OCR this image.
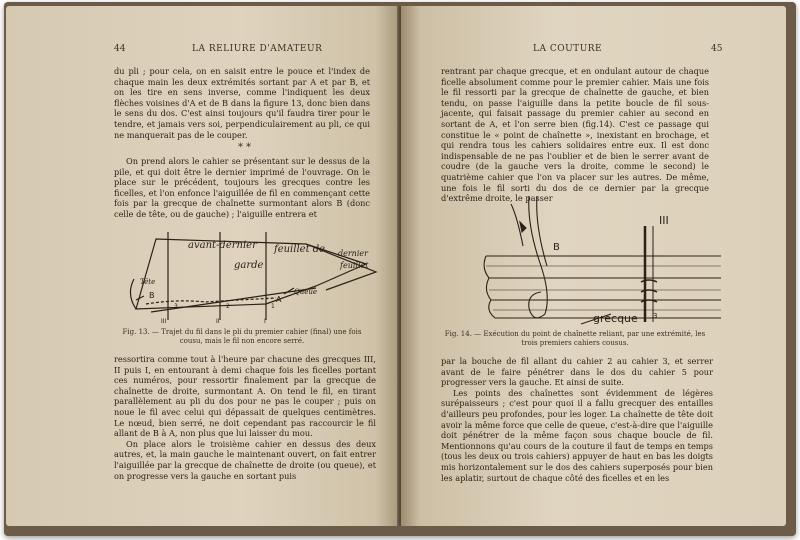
44	LA RELIURE D'AMATEUR

du pli ; pour cela, on en saisit entre le pouce et l'index de chaque main les deux extrémités sortant par A et par B, et on les tire en sens inverse, comme l'indiquent les deux flèches voisines d'A et de B dans la figure 13, donc bien dans le sens du dos. C'est ainsi toujours qu'il faudra tirer pour le tendre, et jamais vers soi, perpendiculairement au pli, ce qui ne manquerait pas de le couper.

* *

On prend alors le cahier se présentant sur le dessus de la pile, et qui doit être le dernier imprimé de l'ouvrage. On le place sur le précédent, toujours les grecques contre les ficelles, et l'on enfonce l'aiguillée de fil en commençant cette fois par la grecque de chaînette surmontant alors B (donc celle de tête, ou de gauche) ; l'aiguille entrera et

avant-dernier feuillet de
garde
dernier
feuillet
Queue
Tête
B	A
3	2	1
III	II	I
Fig. 13. — Trajet du fil dans le pli du premier cahier (final) une fois cousu, mais le fil non encore serré.

ressortira comme tout à l'heure par chacune des grecques III, II puis I, en entourant à demi chaque fois les ficelles portant ces numéros, pour ressortir finalement par la grecque de chaînette de droite, surmontant A. On tend le fil, en tirant parallèlement au pli du dos pour ne pas le couper ; puis on noue le fil avec celui qui dépassait de quelques centimètres. Le nœud, bien serré, ne doit cependant pas raccourcir le fil allant de B à A, non plus que lui laisser du mou.

On place alors le troisième cahier en dessus des deux autres, et, la main gauche le maintenant ouvert, on fait entrer l'aiguillée par la grecque de chaînette de droite (ou queue), et on progresse vers la gauche en sortant puis

LA COUTURE	45

rentrant par chaque grecque, et en ondulant autour de chaque ficelle absolument comme pour le premier cahier. Mais une fois le fil ressorti par la grecque de chaînette de gauche, et bien tendu, on passe l'aiguille dans la petite boucle de fil sous-jacente, qui faisait passage du premier cahier au second en sortant de A, et l'on serre bien (fig.14). C'est ce passage qui constitue le « point de chaînette », inexistant en brochage, et qui rendra tous les cahiers solidaires entre eux. Il est donc indispensable de ne pas l'oublier et de bien le serrer avant de coudre (de la gauche vers la droite, comme le second) le quatrième cahier que l'on va placer sur les autres. De même, une fois le fil sorti du dos de ce dernier par la grecque d'extrême droite, le passer

B
III
3
grecque
Fig. 14. — Exécution du point de chaînette reliant, par une extrémité, les trois premiers cahiers cousus.

par la bouche de fil allant du cahier 2 au cahier 3, et serrer avant de le faire pénétrer dans le dos du cahier 5 pour progresser vers la gauche. Et ainsi de suite.

Les points des chaînettes sont évidemment de légères surépaisseurs ; c'est pour quoi il a fallu grecquer des entailles d'ailleurs peu profondes, pour les loger. La chaînette de tête doit avoir la même force que celle de queue, c'est-à-dire que l'aiguille doit pénétrer de la même façon sous chaque boucle de fil. Mentionnons qu'au cours de la couture il faut de temps en temps (tous les deux ou trois cahiers) appuyer de haut en bas les doigts mis horizontalement sur le dos des cahiers superposés pour bien les aplatir, surtout de chaque côté des ficelles et en les
